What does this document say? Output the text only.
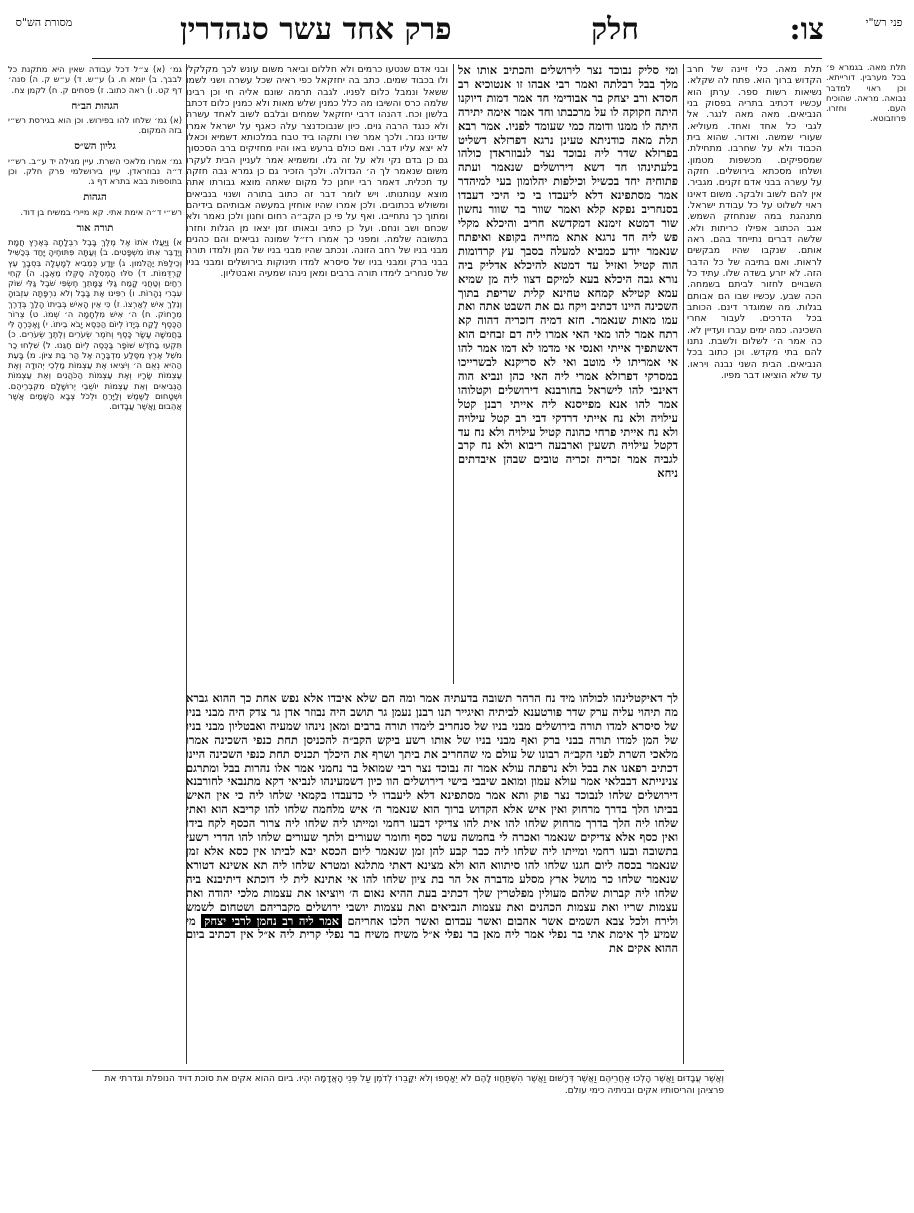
צו:
חלק
פרק אחד עשר סנהדרין
מסורת הש"ס	פני רש"י

תלת מאה. בגמרא פ׳ בכל מערבין. דורייתא. וכן ראוי למדבר נבואה. מראה. שהוכיח העם. וחזרו. פרוזבוטא.

תלת מאה. כלי זיינה של חרב הקדוש ברוך הוא. פתח לה שקלא. נשיאות רשות ספר. ערתן הוא עכשיו דכתיב בתריה בפסוק בני הנביאים. מאה מאה לנגר. אל לגבי כל אחד ואחד. מעוליא. שעורי שמשה. ואדור. שהוא בית הכבוד ולא על שחרבו. מתחילת. שמספיקים. מכשפות מטמון. ושלחו מסכתא בירושלים. חזקה על עשרה בבני אדם זקנים. מגביר. אין להם לשוב ולבקר. משום דאינו ראוי לשלוט על כל עבודת ישראל. מתנהגת במה שנתחזק השמש. אגב הכתוב אפילו כריתות ולא. שלשה דברים נתייחד בהם. ראה אותם. שנקבו שהיו מבקשים לראות. ואם בתיבה של כל הדבר הזה. לא יזרע בשדה שלו. עתיד כל השבויים לחזור לביתם בשמחה. הכה שבע. עכשיו שבו הם אבותם בגלות. מה שמוגדר דינם. הכותב בכל הדרכים. לעבור אחרי השכינה. כמה ימים עברו ועדיין לא. כה אמר ה׳ לשלום ולשבת. נתנו להם בתי מקדש. וכן כתוב בכל הנביאים. הבית השני נבנה ויראו. עד שלא הוציאו דבר מפיו.

ומי סליק נבוכד נצר לירושלים והכתיב אותו אל מלך בבל רבלתה ואמר רבי אבהו זו אנטוכיא רב חסדא ורב יצחק בר אבודימי חד אמר דמות דיוקנו היתה חקוקה לו על מרכבתו וחד אמר אימה יתירה היתה לו ממנו ודומה כמי שעומד לפניו. אמר רבא תלת מאה כודניתא טעינן נרגא דפרזלא דשליט בפרזלא שדר ליה נבוכד נצר לנבוזראדן כולהו בלעתינהו חד דשא דירושלים שנאמר ועתה פתוחיה יחד בכשיל וכילפות יהלומון בעי למיהדר אמר מסתפינא דלא ליעבדו בי כי היכי דעבדו בסנחריב נפקא קלא ואמר שוור בר שוור נחשון שור דמטא זימנא דמקדשא חריב והיכלא מקלי פש ליה חד נרגא אתא מחייה בקופא ואיפתח שנאמר יודע כמביא למעלה בסבך עץ קרדומות הוה קטיל ואזיל עד דמטא להיכלא אדליק ביה נורא גבה היכלא בעא למיקם דצוו ליה מן שמיא עמא קטילא קמחא טחינא קלית שריפת בתוך השכינה היינו דכתיב ויקח גם את השבט אתה ואת עמו מאות שנאמר. חזא דמיה דזכריה דהוה קא רתח אמר להו מאי האי אמרו ליה דם זבחים הוא דאשתפיך אייתי ואנסי אי מדמו לא דמו אמר להו אי אמריתו לי מוטב ואי לא סריקנא לבשרייכו במסרקי דפרזלא אמרי ליה האי כהן ונביא הוה דאינבי להו לישראל בחורבנא דירושלים וקטלוהו אמר להו אנא מפייסנא ליה אייתי רבנן קטל עילויה ולא נח אייתי דרדקי דבי רב קטל עילויה ולא נח אייתי פרחי כהונה קטיל עילויה ולא נח עד דקטל עילויה תשעין וארבעה ריבוא ולא נח קרב לגביה אמר זכריה זכריה טובים שבהן איבדתים ניחא

ובני אדם שנטעו כרמים ולא חללום וביאר משום עונש לכך מקלקלי ולו בכבוד שמים. כתב בה יחזקאל כפי ראיה שכל עשרה ושני לשמו ששאל ונמבל כלום לפניו. לגבה תרמה שונם אליה חי וכן רבינו שלמה כרס והשיבו מה כלל כמנין שלש מאות ולא כמנין כלום דכתב בלשון וכח. דהנהו דרבי יחזקאל שמחים ובלבם לשוב לאחד עשרה ולא כנגד הרבה גוים. כיון שנבוכדנצר עלה כאגף על ישראל אמרו שדינו נגזר. ולכך אמר שרו ותקהו ביד טבח במלכותא דשמיא וכאלו לא יצא עליו דבר. ואם כולם ברעש באו והיו מחזיקים ברב הסכסוך גם כן בדם נקי ולא על זה גלו. ומשמיא אמר לעניין הבית לעקרו משום שנאמר לך ה׳ הגדולה. ולכך הזכיר גם כן גמרא גבה חזקה עד תכלית. דאמר רבי יוחנן כל מקום שאתה מוצא גבורתו אתה מוצא ענותנותו. ויש לומר דבר זה כתוב בתורה ושנוי בנביאים ומשולש בכתובים. ולכן אמרו שהיו אוחזין במעשה אבותיהם בידיהם ומתוך כך נתחייבו. ואף על פי כן הקב״ה רחום וחנון ולכן נאמר ולא שכחם ושב ונחם. ועל כן כתיב ובאותו זמן יצאו מן הגלות וחזרו בתשובה שלמה. ומפני כך אמרו רז״ל שמונה נביאים והם כהנים מבני בניו של רחב הזונה. ונכתב שהיו מבני בניו של המן ולמדו תורה בבני ברק ומבני בניו של סיסרא למדו תינוקות בירושלים ומבני בניו של סנחריב לימדו תורה ברבים ומאן נינהו שמעיה ואבטליון.

לך דאיקטלינהו לכולהו מיד נח הרהר תשובה בדעתיה אמר ומה הם שלא איבדו אלא נפש אחת כך ההוא גברא מה תיהוי עליה ערק שדר פורטענא לביתיה ואיגייר תנו רבנן נעמן גר תושב היה נבוזר אדן גר צדק היה מבני בניו של סיסרא למדו תורה בירושלים מבני בניו של סנחריב לימדו תורה ברבים ומאן נינהו שמעיה ואבטליון מבני בניו של המן למדו תורה בבני ברק ואף מבני בניו של אותו רשע ביקש הקב״ה להכניסן תחת כנפי השכינה אמרו מלאכי השרת לפני הקב״ה רבונו של עולם מי שהחריב את ביתך ושרף את היכלך תכניס תחת כנפי השכינה היינו דכתיב רפאנו את בבל ולא נרפתה עולא אמר זה נבוכד נצר רבי שמואל בר נחמני אמר אלו נהרות בבל ומתרגם צנינייתא דבבלאי אמר עולא עמון ומואב שיבבי בישי דירושלים הוו כיון דשמעינהו לנביאי דקא מתנבאי לחורבנא דירושלים שלחו לנבוכד נצר פוק ותא אמר מסתפינא דלא ליעבדו לי כדעבדו בקמאי שלחו ליה כי אין האיש בביתו הלך בדרך מרחוק ואין איש אלא הקדוש ברוך הוא שנאמר ה׳ איש מלחמה שלחו להו קריבא הוא ואתי שלחו ליה הלך בדרך מרחוק שלחו להו אית להו צדיקי דבעו רחמי ומייתו ליה שלחו ליה צרור הכסף לקח בידו ואין כסף אלא צדיקים שנאמר ואכרה לי בחמשה עשר כסף וחומר שעורים ולתך שעורים שלחו להו הדרי רשעי בתשובה ובעו רחמי ומייתו ליה שלחו ליה כבר קבע להן זמן שנאמר ליום הכסא יבא לביתו אין כסא אלא זמן שנאמר בכסה ליום חגנו שלחו להו סיתווא הוא ולא מצינא דאתי מתלגא ומטרא שלחו ליה תא אשינא דטורא שנאמר שלחו כר מושל ארץ מסלע מדברה אל הר בת ציון שלחו להו אי אתינא לית לי דוכתא דיתיבנא ביה שלחו ליה קברות שלהם מעולין מפלטרין שלך דכתיב בעת ההיא נאום ה׳ ויוציאו את עצמות מלכי יהודה ואת עצמות שריו ואת עצמות הכהנים ואת עצמות הנביאים ואת עצמות יושבי ירושלים מקבריהם ושטחום לשמש ולירח ולכל צבא השמים אשר אהבום ואשר עבדום ואשר הלכו אחריהם אמר ליה רב נחמן לרבי יצחק מי שמיע לך אימת אתי בר נפלי אמר ליה מאן בר נפלי א״ל משיח משיח בר נפלי קרית ליה א״ל אין דכתיב ביום ההוא אקים את

גמ׳ (א) צ״ל דכל עבודה שאין היא מתקנת כל לבבך. ב) יומא ח. ג) ע״ש. ד) ע״ש ק. ה) סנה׳ דף קט. ו) ראה כתוב. ז) פסחים ק. ח) לקמן צח.

הגהות הב״ח

(א) גמ׳ שלחו להו בפירוש. וכן הוא בגירסת רש״י בזה המקום.

גליון הש״ס

גמ׳ אמרו מלאכי השרת. עיין מגילה יד ע״ב. רש״י ד״ה נבוזראדן. עיין בירושלמי פרק חלק. וכן בתוספות בבא בתרא דף ג.

הגהות

רש״י ד״ה אימת אתי. קא מיירי במשיח בן דוד.

תורה אור

א) וַיַּעֲלוּ אֹתוֹ אֶל מֶלֶךְ בָּבֶל רִבְלָתָה בְּאֶרֶץ חֲמָת וַיְדַבֵּר אִתּוֹ מִשְׁפָּטִים. ב) וְעַתָּה פִּתּוּחֶיהָ יָּחַד בְּכַשִּׁיל וְכֵילַפֹּת יַהֲלֹמוּן. ג) יִוָּדַע כְּמֵבִיא לְמָעְלָה בִּסְבָךְ עֵץ קַרְדֻּמּוֹת. ד) סֹלּוּ הַמְסִלָּה סַקְּלוּ מֵאֶבֶן. ה) קְחִי רֵחַיִם וְטַחֲנִי קָמַח גַּלִּי צַמָּתֵךְ חֶשְׂפִּי שֹׁבֶל גַּלִּי שׁוֹק עִבְרִי נְהָרוֹת. ו) רִפִּינוּ אֶת בָּבֶל וְלֹא נִרְפָּתָה עִזְבוּהָ וְנֵלֵךְ אִישׁ לְאַרְצוֹ. ז) כִּי אֵין הָאִישׁ בְּבֵיתוֹ הָלַךְ בְּדֶרֶךְ מֵרָחוֹק. ח) ה׳ אִישׁ מִלְחָמָה ה׳ שְׁמוֹ. ט) צְרוֹר הַכֶּסֶף לָקַח בְּיָדוֹ לְיוֹם הַכֵּסֶא יָבֹא בֵיתוֹ. י) וָאֶכְּרֶהָ לִּי בַּחֲמִשָּׁה עָשָׂר כָּסֶף וְחֹמֶר שְׂעֹרִים וְלֶתֶךְ שְׂעֹרִים. כ) תִּקְעוּ בַחֹדֶשׁ שׁוֹפָר בַּכֶּסֶה לְיוֹם חַגֵּנוּ. ל) שִׁלְחוּ כַר מֹשֵׁל אֶרֶץ מִסֶּלַע מִדְבָּרָה אֶל הַר בַּת צִיּוֹן. מ) בָּעֵת הַהִיא נְאֻם ה׳ וְיֹצִיאוּ אֶת עַצְמוֹת מַלְכֵי יְהוּדָה וְאֶת עַצְמוֹת שָׂרָיו וְאֶת עַצְמוֹת הַכֹּהֲנִים וְאֵת עַצְמוֹת הַנְּבִיאִים וְאֵת עַצְמוֹת יוֹשְׁבֵי יְרוּשָׁלִָם מִקִּבְרֵיהֶם. וּשְׁטָחוּם לַשֶּׁמֶשׁ וְלַיָּרֵחַ וּלְכֹל צְבָא הַשָּׁמַיִם אֲשֶׁר אֲהֵבוּם וַאֲשֶׁר עֲבָדוּם.

וְאֲשֶׁר עֲבָדוּם וַאֲשֶׁר הָלְכוּ אַחֲרֵיהֶם וַאֲשֶׁר דְּרָשׁוּם וַאֲשֶׁר הִשְׁתַּחֲווּ לָהֶם לֹא יֵאָסְפוּ וְלֹא יִקָּבֵרוּ לְדֹמֶן עַל פְּנֵי הָאֲדָמָה יִהְיוּ. ביום ההוא אקים את סוכת דויד הנופלת וגדרתי את פרציהן והריסותיו אקים ובניתיה כימי עולם.
